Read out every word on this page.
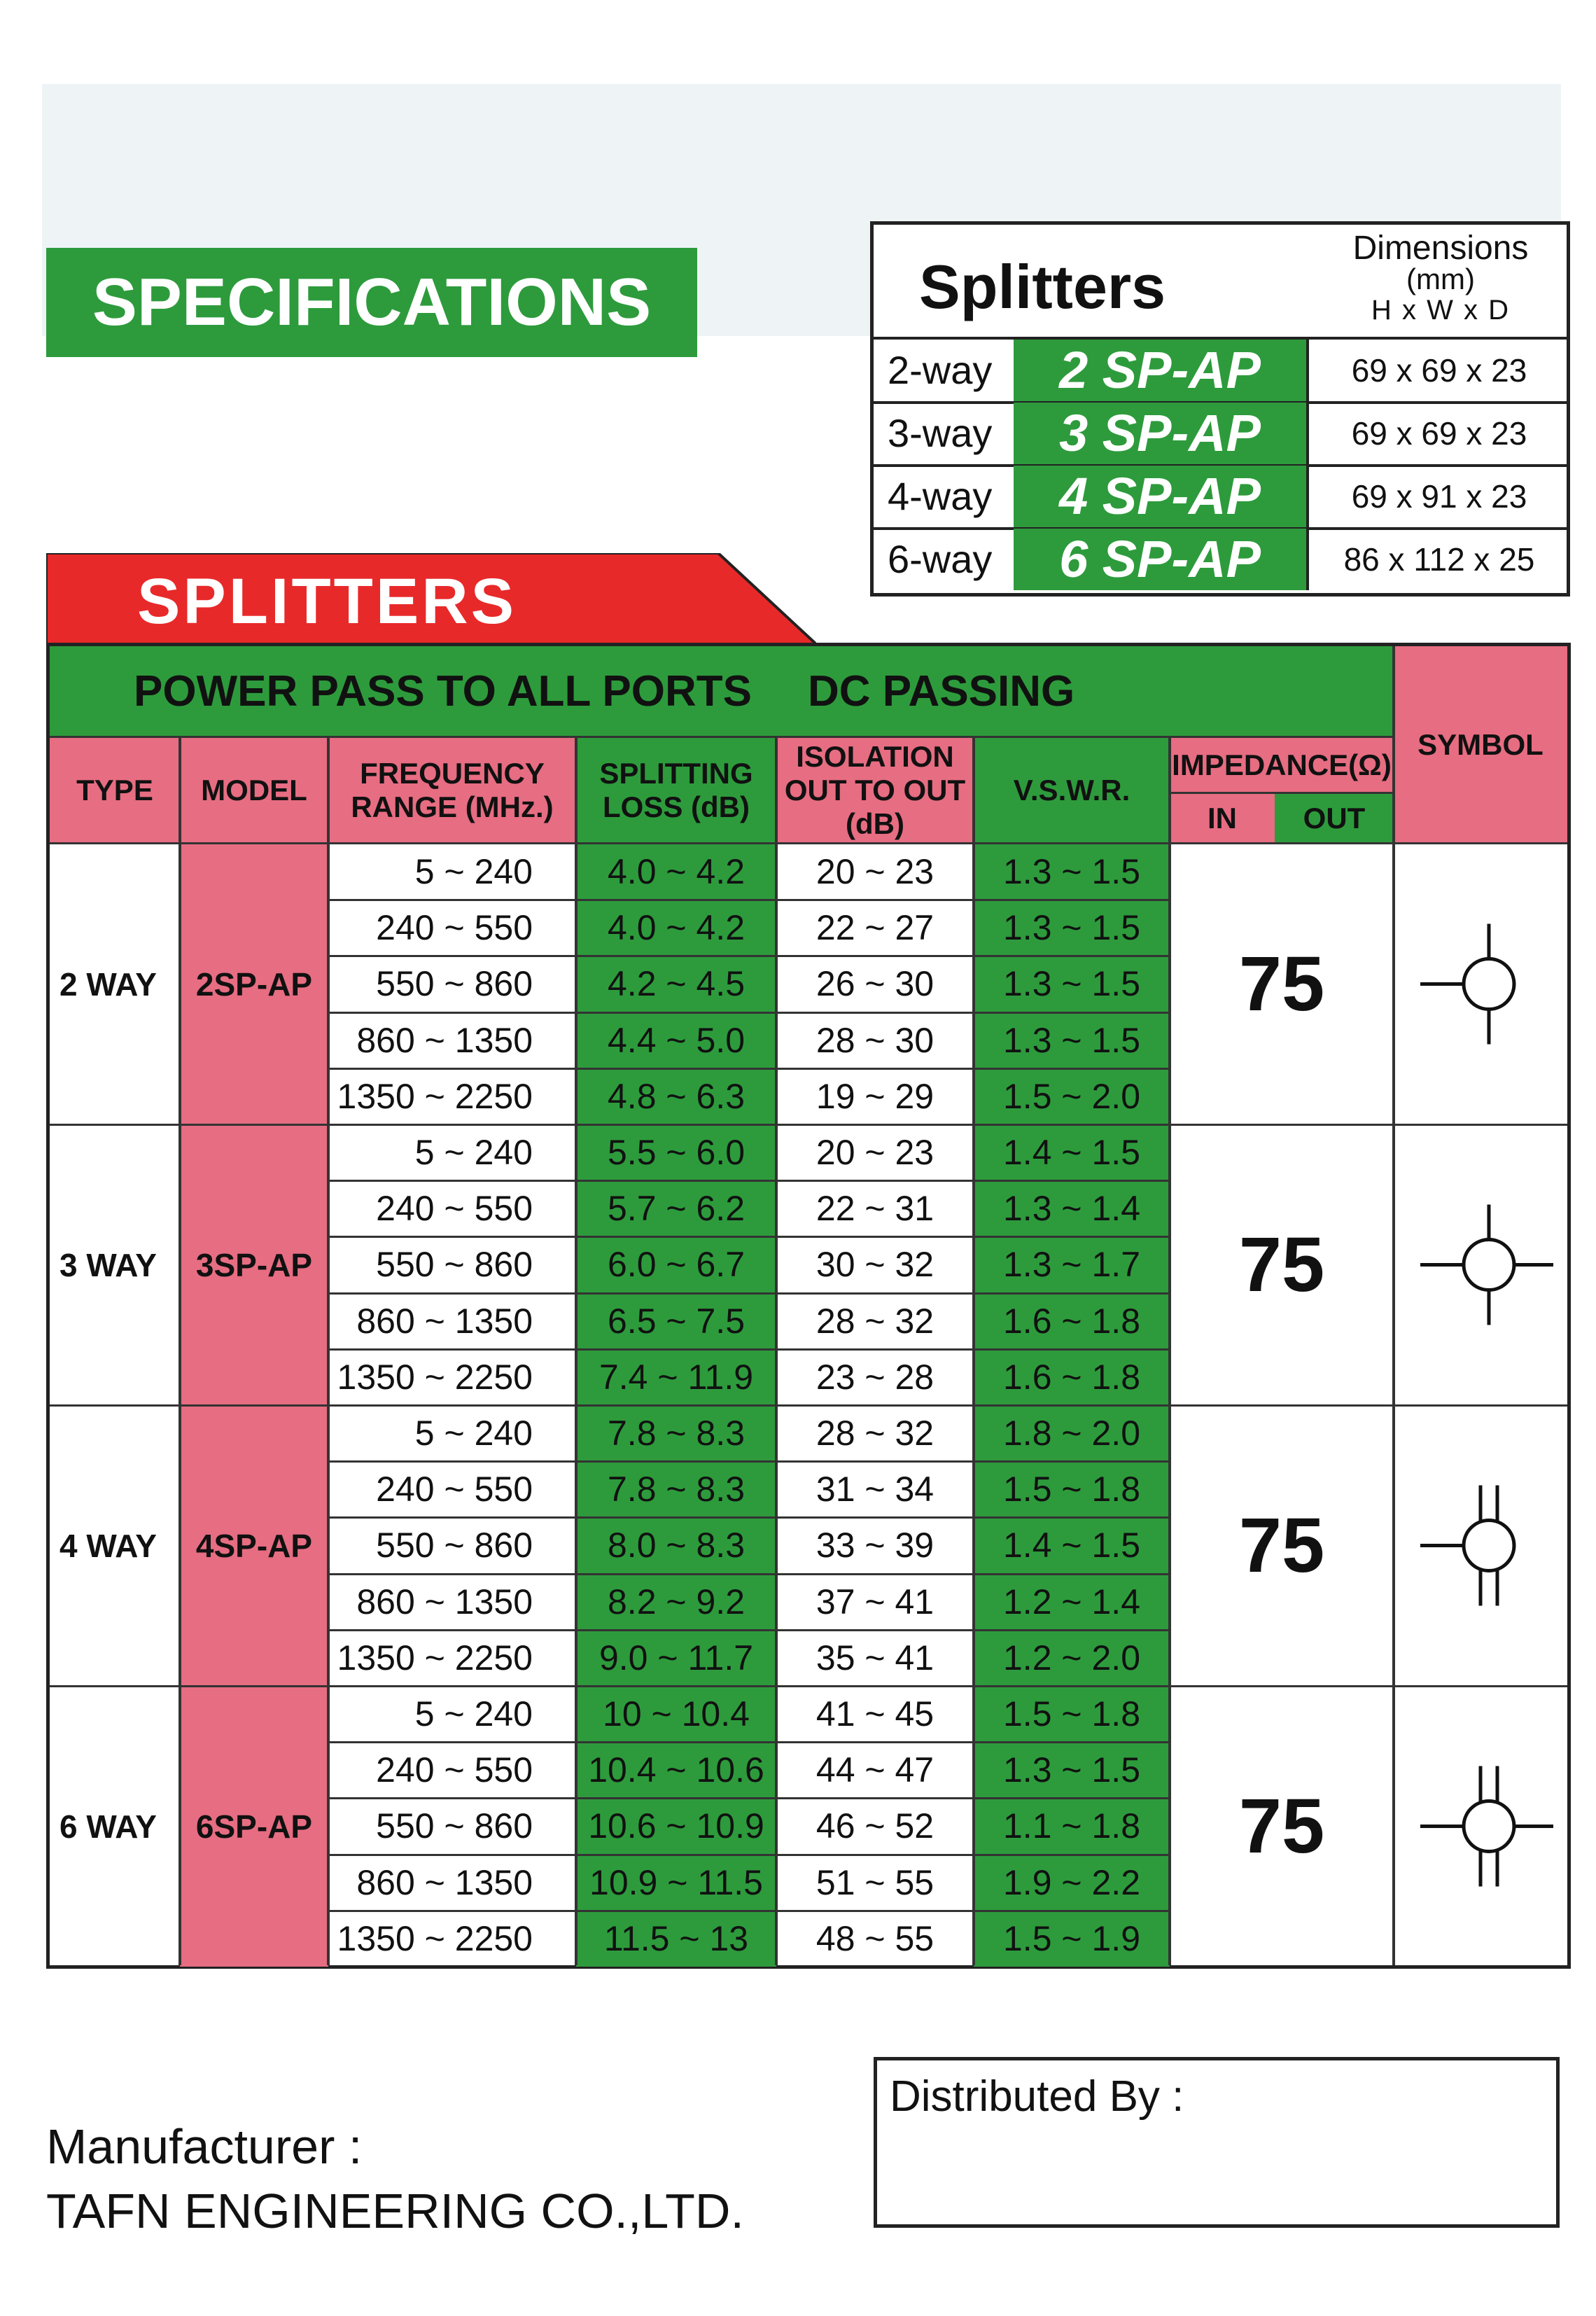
SPECIFICATIONS	Splitters
Dimensions
(mm)
H x W x D
2-way	2 SP-AP	69 x 69 x 23
3-way	3 SP-AP	69 x 69 x 23
4-way	4 SP-AP	69 x 91 x 23
6-way	6 SP-AP	86 x 112 x 25
SPLITTERS
POWER PASS TO ALL PORTS DC PASSING
TYPE	MODEL
FREQUENCY
RANGE (MHz.)
SPLITTING
LOSS (dB)
ISOLATION
OUT TO OUT
(dB)
V.S.W.R.
IMPEDANCE(Ω)
IN	OUT
SYMBOL
2 WAY	2SP-AP
5 ~ 240	4.0 ~ 4.2	20 ~ 23	1.3 ~ 1.5
240 ~ 550	4.0 ~ 4.2	22 ~ 27	1.3 ~ 1.5
550 ~ 860	4.2 ~ 4.5	26 ~ 30	1.3 ~ 1.5
860 ~ 1350	4.4 ~ 5.0	28 ~ 30	1.3 ~ 1.5
1350 ~ 2250	4.8 ~ 6.3	19 ~ 29	1.5 ~ 2.0
75
3 WAY	3SP-AP
5 ~ 240	5.5 ~ 6.0	20 ~ 23	1.4 ~ 1.5
240 ~ 550	5.7 ~ 6.2	22 ~ 31	1.3 ~ 1.4
550 ~ 860	6.0 ~ 6.7	30 ~ 32	1.3 ~ 1.7
860 ~ 1350	6.5 ~ 7.5	28 ~ 32	1.6 ~ 1.8
1350 ~ 2250	7.4 ~ 11.9	23 ~ 28	1.6 ~ 1.8
75
4 WAY	4SP-AP
5 ~ 240	7.8 ~ 8.3	28 ~ 32	1.8 ~ 2.0
240 ~ 550	7.8 ~ 8.3	31 ~ 34	1.5 ~ 1.8
550 ~ 860	8.0 ~ 8.3	33 ~ 39	1.4 ~ 1.5
860 ~ 1350	8.2 ~ 9.2	37 ~ 41	1.2 ~ 1.4
1350 ~ 2250	9.0 ~ 11.7	35 ~ 41	1.2 ~ 2.0
75
6 WAY	6SP-AP
5 ~ 240	10 ~ 10.4	41 ~ 45	1.5 ~ 1.8
240 ~ 550	10.4 ~ 10.6	44 ~ 47	1.3 ~ 1.5
550 ~ 860	10.6 ~ 10.9	46 ~ 52	1.1 ~ 1.8
860 ~ 1350	10.9 ~ 11.5	51 ~ 55	1.9 ~ 2.2
1350 ~ 2250	11.5 ~ 13	48 ~ 55	1.5 ~ 1.9
75
Manufacturer :
TAFN ENGINEERING CO.,LTD.
Distributed By :
